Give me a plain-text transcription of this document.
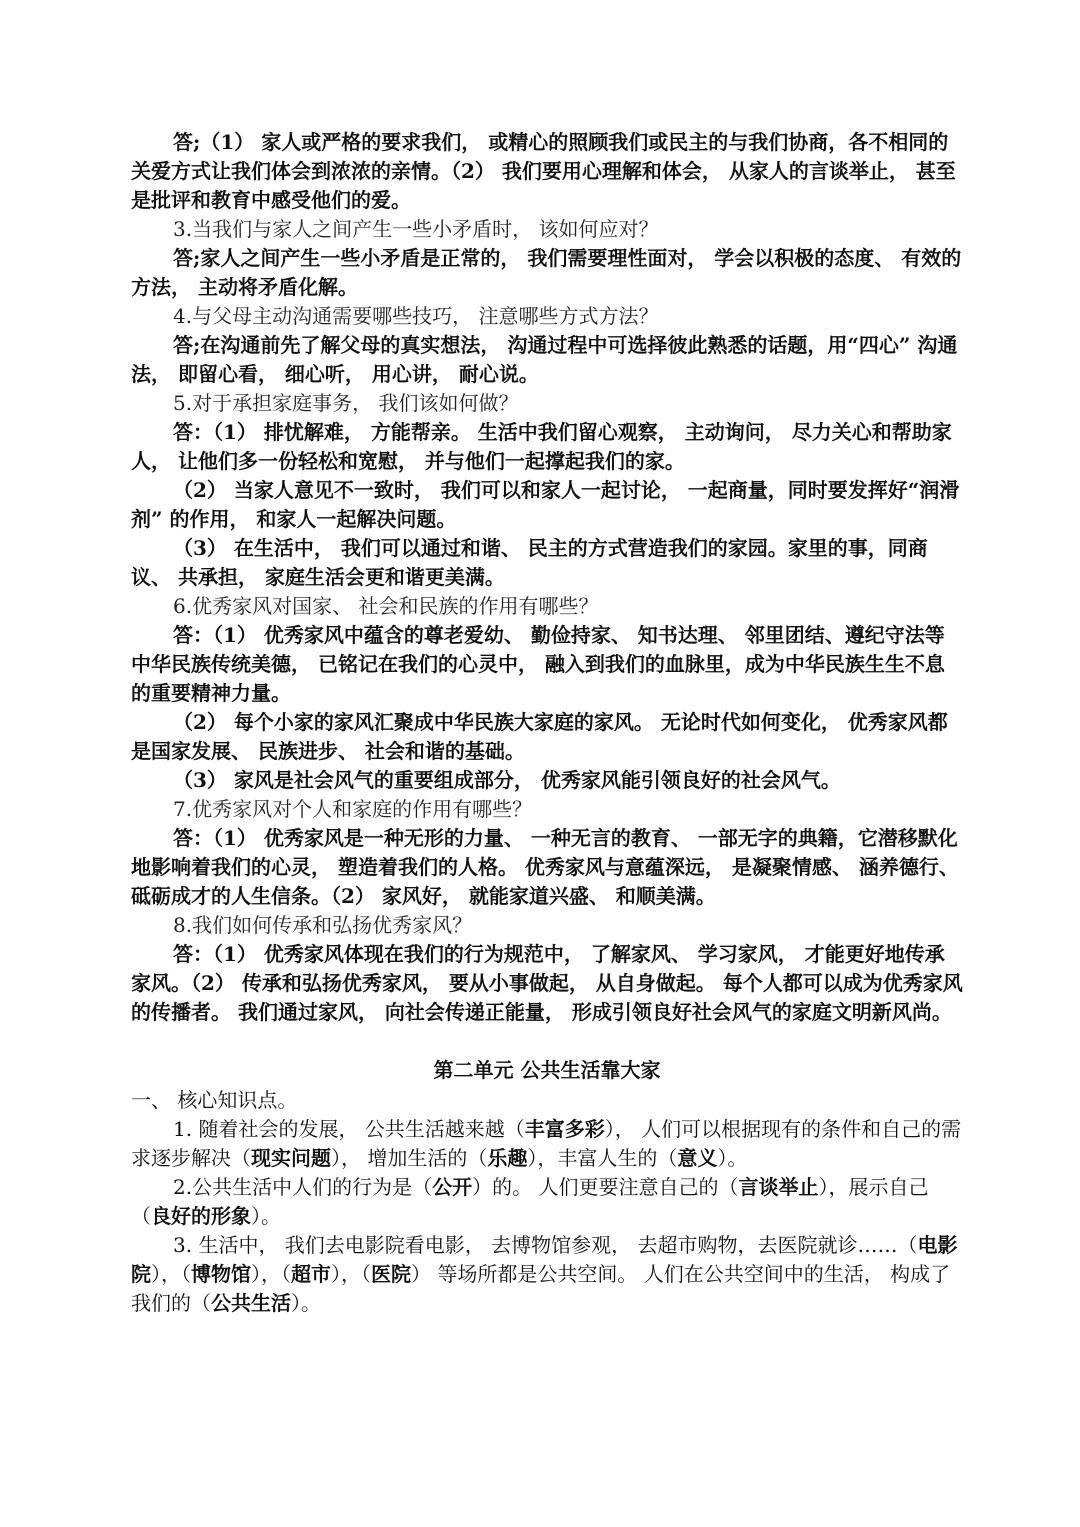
答;（1） 家人或严格的要求我们， 或精心的照顾我们或民主的与我们协商，各不相同的关爱方式让我们体会到浓浓的亲情。（2） 我们要用心理解和体会， 从家人的言谈举止， 甚至是批评和教育中感受他们的爱。

3.当我们与家人之间产生一些小矛盾时， 该如何应对？

答;家人之间产生一些小矛盾是正常的， 我们需要理性面对， 学会以积极的态度、 有效的方法， 主动将矛盾化解。

4.与父母主动沟通需要哪些技巧， 注意哪些方式方法？

答;在沟通前先了解父母的真实想法， 沟通过程中可选择彼此熟悉的话题，用“四心” 沟通法， 即留心看， 细心听， 用心讲， 耐心说。

5.对于承担家庭事务， 我们该如何做？

答：（1） 排忧解难， 方能帮亲。 生活中我们留心观察， 主动询问， 尽力关心和帮助家人， 让他们多一份轻松和宽慰， 并与他们一起撑起我们的家。

（2） 当家人意见不一致时， 我们可以和家人一起讨论， 一起商量，同时要发挥好“润滑剂” 的作用， 和家人一起解决问题。

（3） 在生活中， 我们可以通过和谐、 民主的方式营造我们的家园。家里的事，同商议、 共承担， 家庭生活会更和谐更美满。

6.优秀家风对国家、 社会和民族的作用有哪些？

答：（1） 优秀家风中蕴含的尊老爱幼、 勤俭持家、 知书达理、 邻里团结、遵纪守法等中华民族传统美德， 已铭记在我们的心灵中， 融入到我们的血脉里，成为中华民族生生不息的重要精神力量。

（2） 每个小家的家风汇聚成中华民族大家庭的家风。 无论时代如何变化， 优秀家风都是国家发展、 民族进步、 社会和谐的基础。

（3） 家风是社会风气的重要组成部分， 优秀家风能引领良好的社会风气。

7.优秀家风对个人和家庭的作用有哪些？

答：（1） 优秀家风是一种无形的力量、 一种无言的教育、 一部无字的典籍，它潜移默化地影响着我们的心灵， 塑造着我们的人格。 优秀家风与意蕴深远， 是凝聚情感、 涵养德行、 砥砺成才的人生信条。（2） 家风好， 就能家道兴盛、 和顺美满。

8.我们如何传承和弘扬优秀家风？

答：（1） 优秀家风体现在我们的行为规范中， 了解家风、 学习家风， 才能更好地传承家风。（2） 传承和弘扬优秀家风， 要从小事做起， 从自身做起。 每个人都可以成为优秀家风的传播者。 我们通过家风， 向社会传递正能量， 形成引领良好社会风气的家庭文明新风尚。

第二单元 公共生活靠大家

一、 核心知识点。

1. 随着社会的发展， 公共生活越来越（丰富多彩）， 人们可以根据现有的条件和自己的需求逐步解决（现实问题）， 增加生活的（乐趣），丰富人生的（意义）。

2.公共生活中人们的行为是（公开）的。 人们更要注意自己的（言谈举止），展示自己（良好的形象）。

3. 生活中， 我们去电影院看电影， 去博物馆参观， 去超市购物，去医院就诊……（电影院），（博物馆），（超市），（医院） 等场所都是公共空间。 人们在公共空间中的生活， 构成了我们的（公共生活）。
